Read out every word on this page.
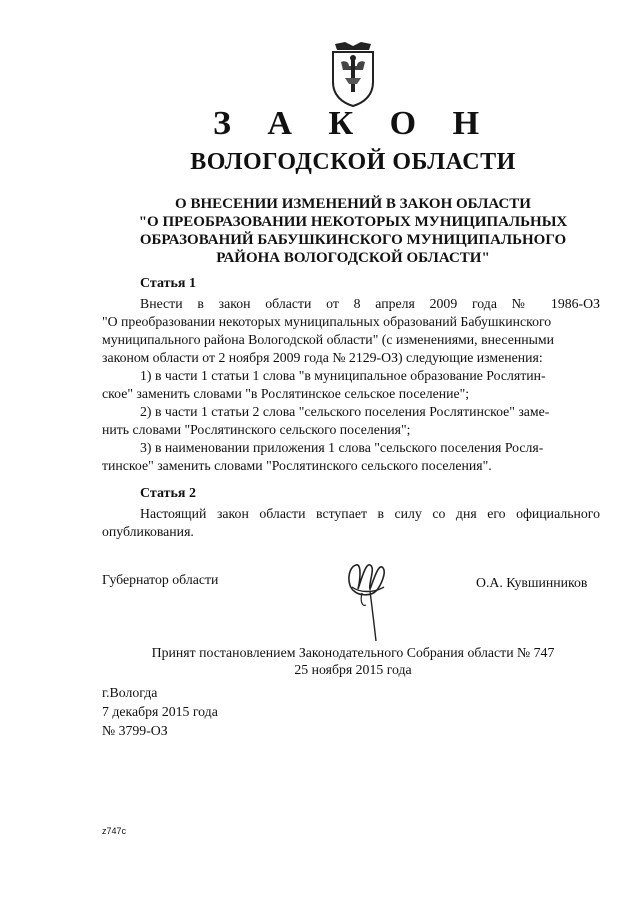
З А К О Н
ВОЛОГОДСКОЙ ОБЛАСТИ
О ВНЕСЕНИИ ИЗМЕНЕНИЙ В ЗАКОН ОБЛАСТИ
"О ПРЕОБРАЗОВАНИИ НЕКОТОРЫХ МУНИЦИПАЛЬНЫХ
ОБРАЗОВАНИЙ БАБУШКИНСКОГО МУНИЦИПАЛЬНОГО
РАЙОНА ВОЛОГОДСКОЙ ОБЛАСТИ"
Статья 1
Внести в закон области от 8 апреля 2009 года № 1986-ОЗ
"О преобразовании некоторых муниципальных образований Бабушкинского
муниципального района Вологодской области" (с изменениями, внесенными
законом области от 2 ноября 2009 года № 2129-ОЗ) следующие изменения:
1) в части 1 статьи 1 слова "в муниципальное образование Рослятин-
ское" заменить словами "в Рослятинское сельское поселение";
2) в части 1 статьи 2 слова "сельского поселения Рослятинское" заме-
нить словами "Рослятинского сельского поселения";
3) в наименовании приложения 1 слова "сельского поселения Росля-
тинское" заменить словами "Рослятинского сельского поселения".
Статья 2
Настоящий закон области вступает в силу со дня его официального
опубликования.
Губернатор области	О.А. Кувшинников
Принят постановлением Законодательного Собрания области № 747
25 ноября 2015 года
г.Вологда
7 декабря 2015 года
№ 3799-ОЗ
z747c
